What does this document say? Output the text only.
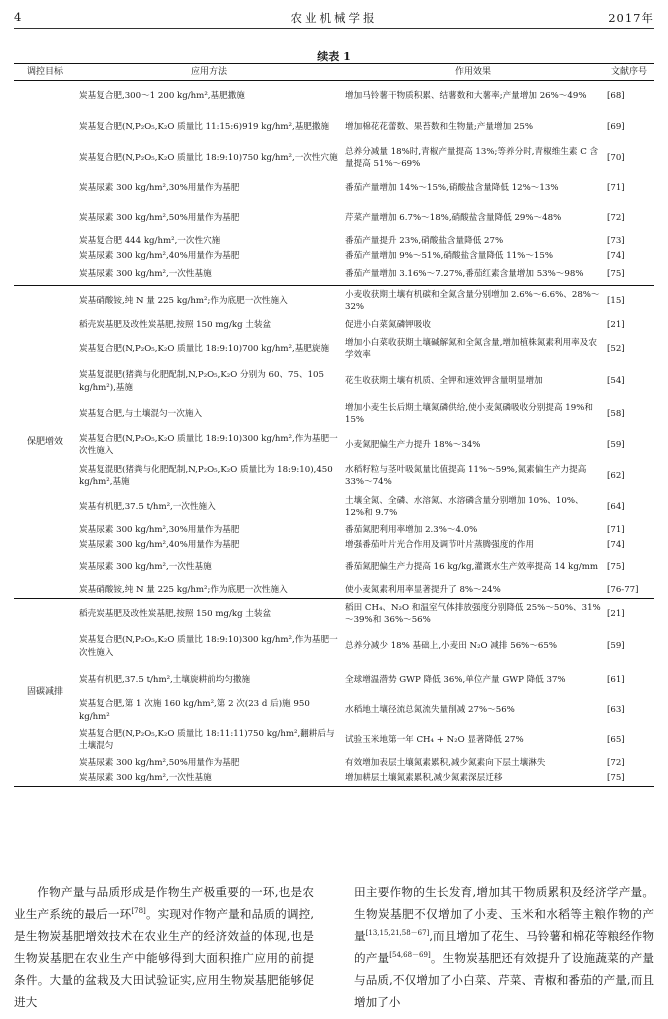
4	农业机械学报	2017年
续表 1
调控目标	应用方法	作用效果	文献序号
	炭基复合肥,300～1 200 kg/hm²,基肥撒施	增加马铃薯干物质积累、结薯数和大薯率;产量增加 26%～49%	[68]
	炭基复合肥(N,P₂O₅,K₂O 质量比 11:15:6)919 kg/hm²,基肥撒施	增加棉花花蕾数、果苔数和生物量;产量增加 25%	[69]
	炭基复合肥(N,P₂O₅,K₂O 质量比 18:9:10)750 kg/hm²,一次性穴施	总养分减量 18%时,青椒产量提高 13%;等养分时,青椒维生素 C 含量提高 51%～69%	[70]
	炭基尿素 300 kg/hm²,30%用量作为基肥	番茄产量增加 14%～15%,硝酸盐含量降低 12%～13%	[71]
	炭基尿素 300 kg/hm²,50%用量作为基肥	芹菜产量增加 6.7%～18%,硝酸盐含量降低 29%～48%	[72]
	炭基复合肥 444 kg/hm²,一次性穴施	番茄产量提升 23%,硝酸盐含量降低 27%	[73]
	炭基尿素 300 kg/hm²,40%用量作为基肥	番茄产量增加 9%～51%,硝酸盐含量降低 11%～15%	[74]
	炭基尿素 300 kg/hm²,一次性基施	番茄产量增加 3.16%～7.27%,番茄红素含量增加 53%～98%	[75]
保肥增效	炭基硝酸铵,纯 N 量 225 kg/hm²;作为底肥一次性施入	小麦收获期土壤有机碳和全氮含量分别增加 2.6%～6.6%、28%～32%	[15]
	稻壳炭基肥及改性炭基肥,按照 150 mg/kg 土装盆	促进小白菜氮磷钾吸收	[21]
	炭基复合肥(N,P₂O₅,K₂O 质量比 18:9:10)700 kg/hm²,基肥旋施	增加小白菜收获期土壤碱解氮和全氮含量,增加植株氮素利用率及农学效率	[52]
	炭基复混肥(猪粪与化肥配制,N,P₂O₅,K₂O 分别为 60、75、105 kg/hm²),基施	花生收获期土壤有机质、全钾和速效钾含量明显增加	[54]
	炭基复合肥,与土壤混匀一次施入	增加小麦生长后期土壤氮磷供给,使小麦氮磷吸收分别提高 19%和 15%	[58]
	炭基复合肥(N,P₂O₅,K₂O 质量比 18:9:10)300 kg/hm²,作为基肥一次性施入	小麦氮肥偏生产力提升 18%～34%	[59]
	炭基复混肥(猪粪与化肥配制,N,P₂O₅,K₂O 质量比为 18:9:10),450 kg/hm²,基施	水稻籽粒与茎叶吸氮量比值提高 11%～59%,氮素偏生产力提高 33%～74%	[62]
	炭基有机肥,37.5 t/hm²,一次性施入	土壤全氮、全磷、水溶氮、水溶磷含量分别增加 10%、10%、12%和 9.7%	[64]
	炭基尿素 300 kg/hm²,30%用量作为基肥	番茄氮肥利用率增加 2.3%～4.0%	[71]
	炭基尿素 300 kg/hm²,40%用量作为基肥	增强番茄叶片光合作用及调节叶片蒸腾强度的作用	[74]
	炭基尿素 300 kg/hm²,一次性基施	番茄氮肥偏生产力提高 16 kg/kg,灌溉水生产效率提高 14 kg/mm	[75]
	炭基硝酸铵,纯 N 量 225 kg/hm²;作为底肥一次性施入	使小麦氮素利用率显著提升了 8%～24%	[76-77]
固碳减排	稻壳炭基肥及改性炭基肥,按照 150 mg/kg 土装盆	稻田 CH₄、N₂O 和温室气体排放强度分别降低 25%～50%、31%～39%和 36%～56%	[21]
	炭基复合肥(N,P₂O₅,K₂O 质量比 18:9:10)300 kg/hm²,作为基肥一次性施入	总养分减少 18% 基础上,小麦田 N₂O 减排 56%～65%	[59]
	炭基有机肥,37.5 t/hm²,土壤旋耕前均匀撒施	全球增温潜势 GWP 降低 36%,单位产量 GWP 降低 37%	[61]
	炭基复合肥,第 1 次施 160 kg/hm²,第 2 次(23 d 后)施 950 kg/hm²	水稻地土壤径流总氮流失量削减 27%～56%	[63]
	炭基复合肥(N,P₂O₅,K₂O 质量比 18:11:11)750 kg/hm²,翻耕后与土壤混匀	试验玉米地第一年 CH₄ + N₂O 显著降低 27%	[65]
	炭基尿素 300 kg/hm²,50%用量作为基肥	有效增加表层土壤氮素累积,减少氮素向下层土壤淋失	[72]
	炭基尿素 300 kg/hm²,一次性基施	增加耕层土壤氮素累积,减少氮素深层迁移	[75]

作物产量与品质形成是作物生产极重要的一环,也是农业生产系统的最后一环[78]。实现对作物产量和品质的调控,是生物炭基肥增效技术在农业生产的经济效益的体现,也是生物炭基肥在农业生产中能够得到大面积推广应用的前提条件。大量的盆栽及大田试验证实,应用生物炭基肥能够促进大

田主要作物的生长发育,增加其干物质累积及经济学产量。生物炭基肥不仅增加了小麦、玉米和水稻等主粮作物的产量[13,15,21,58－67],而且增加了花生、马铃薯和棉花等粮经作物的产量[54,68－69]。生物炭基肥还有效提升了设施蔬菜的产量与品质,不仅增加了小白菜、芹菜、青椒和番茄的产量,而且增加了小
